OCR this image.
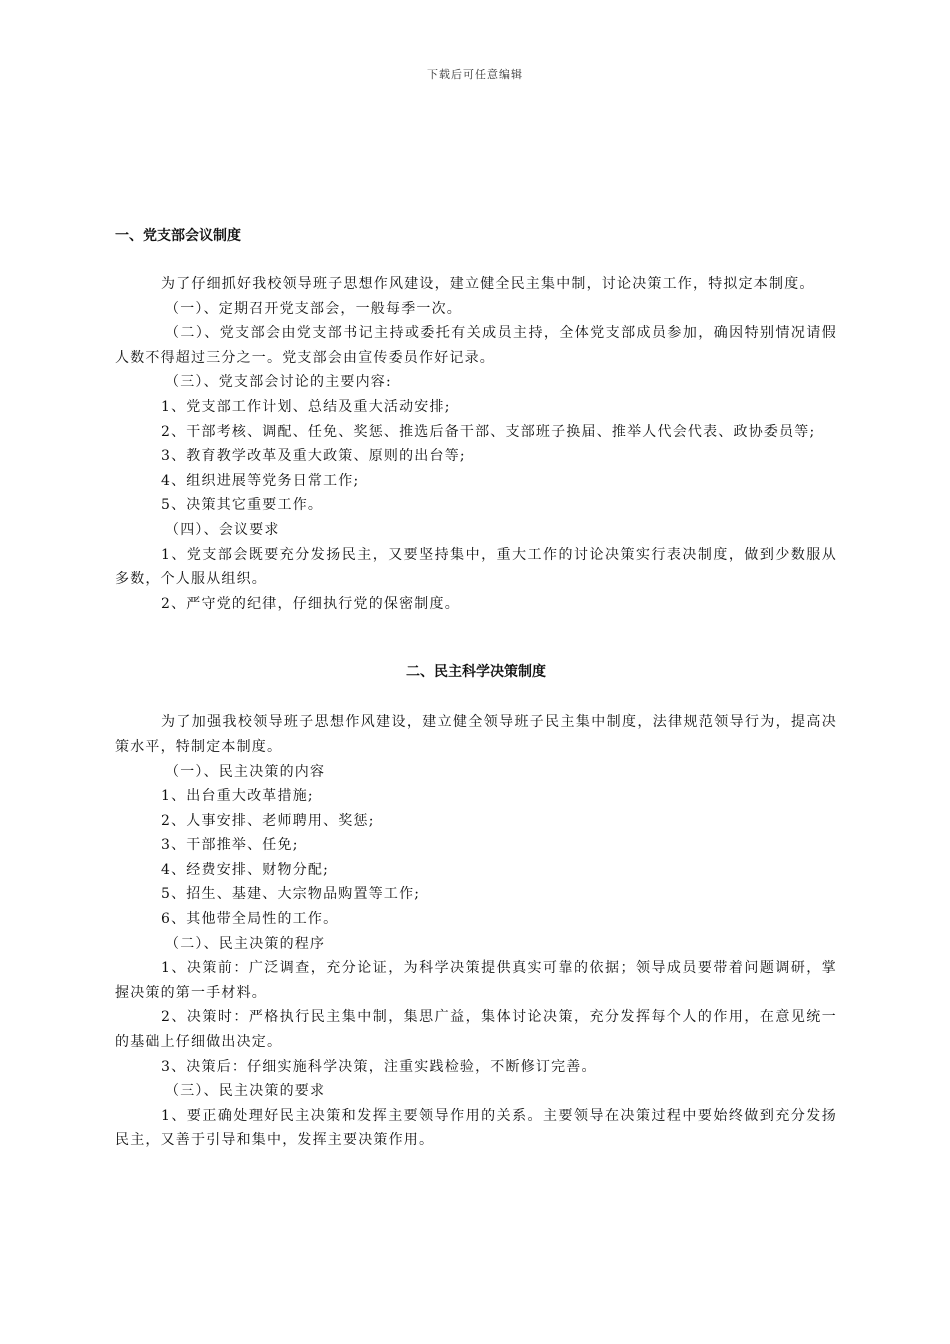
下载后可任意编辑
一、党支部会议制度

为了仔细抓好我校领导班子思想作风建设，建立健全民主集中制，讨论决策工作，特拟定本制度。

（一）、定期召开党支部会，一般每季一次。

（二）、党支部会由党支部书记主持或委托有关成员主持，全体党支部成员参加，确因特别情况请假人数不得超过三分之一。党支部会由宣传委员作好记录。

（三）、党支部会讨论的主要内容:

1、党支部工作计划、总结及重大活动安排;

2、干部考核、调配、任免、奖惩、推选后备干部、支部班子换届、推举人代会代表、政协委员等;

3、教育教学改革及重大政策、原则的出台等;

4、组织进展等党务日常工作;

5、决策其它重要工作。

（四）、会议要求

1、党支部会既要充分发扬民主，又要坚持集中，重大工作的讨论决策实行表决制度，做到少数服从多数，个人服从组织。

2、严守党的纪律，仔细执行党的保密制度。

二、民主科学决策制度

为了加强我校领导班子思想作风建设，建立健全领导班子民主集中制度，法律规范领导行为，提高决策水平，特制定本制度。

（一）、民主决策的内容

1、出台重大改革措施;

2、人事安排、老师聘用、奖惩;

3、干部推举、任免;

4、经费安排、财物分配;

5、招生、基建、大宗物品购置等工作;

6、其他带全局性的工作。

（二）、民主决策的程序

1、决策前：广泛调查，充分论证，为科学决策提供真实可靠的依据；领导成员要带着问题调研，掌握决策的第一手材料。

2、决策时：严格执行民主集中制，集思广益，集体讨论决策，充分发挥每个人的作用，在意见统一的基础上仔细做出决定。

3、决策后：仔细实施科学决策，注重实践检验，不断修订完善。

（三）、民主决策的要求

1、要正确处理好民主决策和发挥主要领导作用的关系。主要领导在决策过程中要始终做到充分发扬民主，又善于引导和集中，发挥主要决策作用。
